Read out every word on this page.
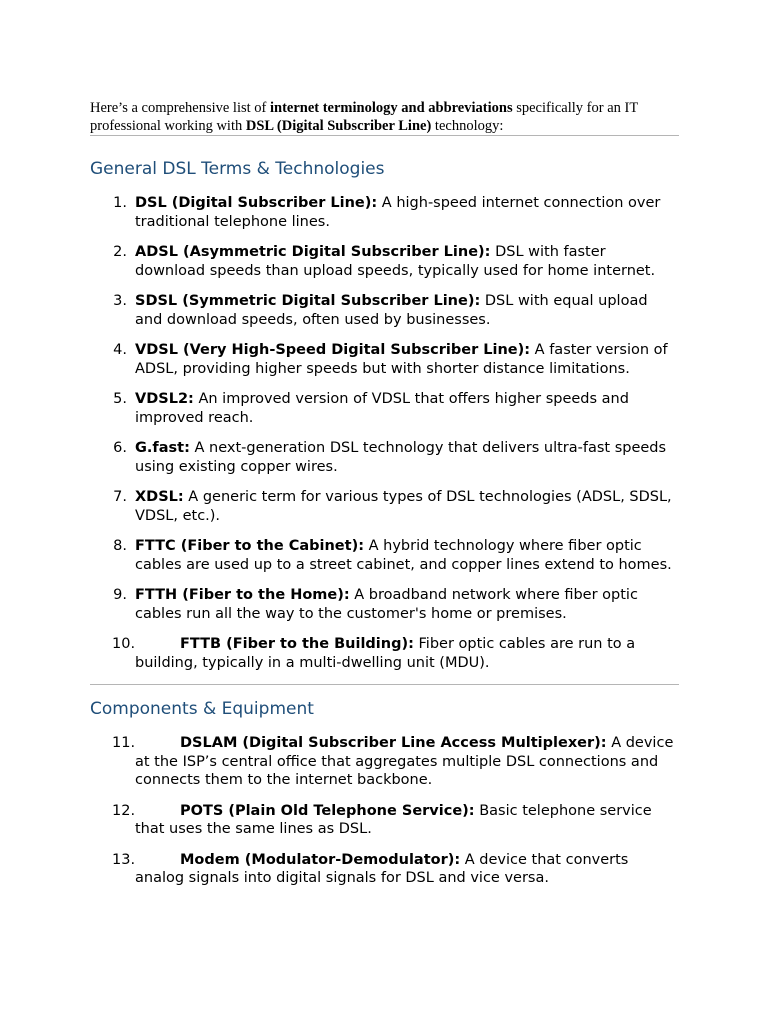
Here’s a comprehensive list of internet terminology and abbreviations specifically for an IT professional working with DSL (Digital Subscriber Line) technology:

General DSL Terms & Technologies
1. DSL (Digital Subscriber Line): A high-speed internet connection over traditional telephone lines.
2. ADSL (Asymmetric Digital Subscriber Line): DSL with faster download speeds than upload speeds, typically used for home internet.
3. SDSL (Symmetric Digital Subscriber Line): DSL with equal upload and download speeds, often used by businesses.
4. VDSL (Very High-Speed Digital Subscriber Line): A faster version of ADSL, providing higher speeds but with shorter distance limitations.
5. VDSL2: An improved version of VDSL that offers higher speeds and improved reach.
6. G.fast: A next-generation DSL technology that delivers ultra-fast speeds using existing copper wires.
7. XDSL: A generic term for various types of DSL technologies (ADSL, SDSL, VDSL, etc.).
8. FTTC (Fiber to the Cabinet): A hybrid technology where fiber optic cables are used up to a street cabinet, and copper lines extend to homes.
9. FTTH (Fiber to the Home): A broadband network where fiber optic cables run all the way to the customer's home or premises.
10.	FTTB (Fiber to the Building): Fiber optic cables are run to a building, typically in a multi-dwelling unit (MDU).
Components & Equipment
11.	DSLAM (Digital Subscriber Line Access Multiplexer): A device at the ISP’s central office that aggregates multiple DSL connections and connects them to the internet backbone.
12.	POTS (Plain Old Telephone Service): Basic telephone service that uses the same lines as DSL.
13.	Modem (Modulator-Demodulator): A device that converts analog signals into digital signals for DSL and vice versa.
